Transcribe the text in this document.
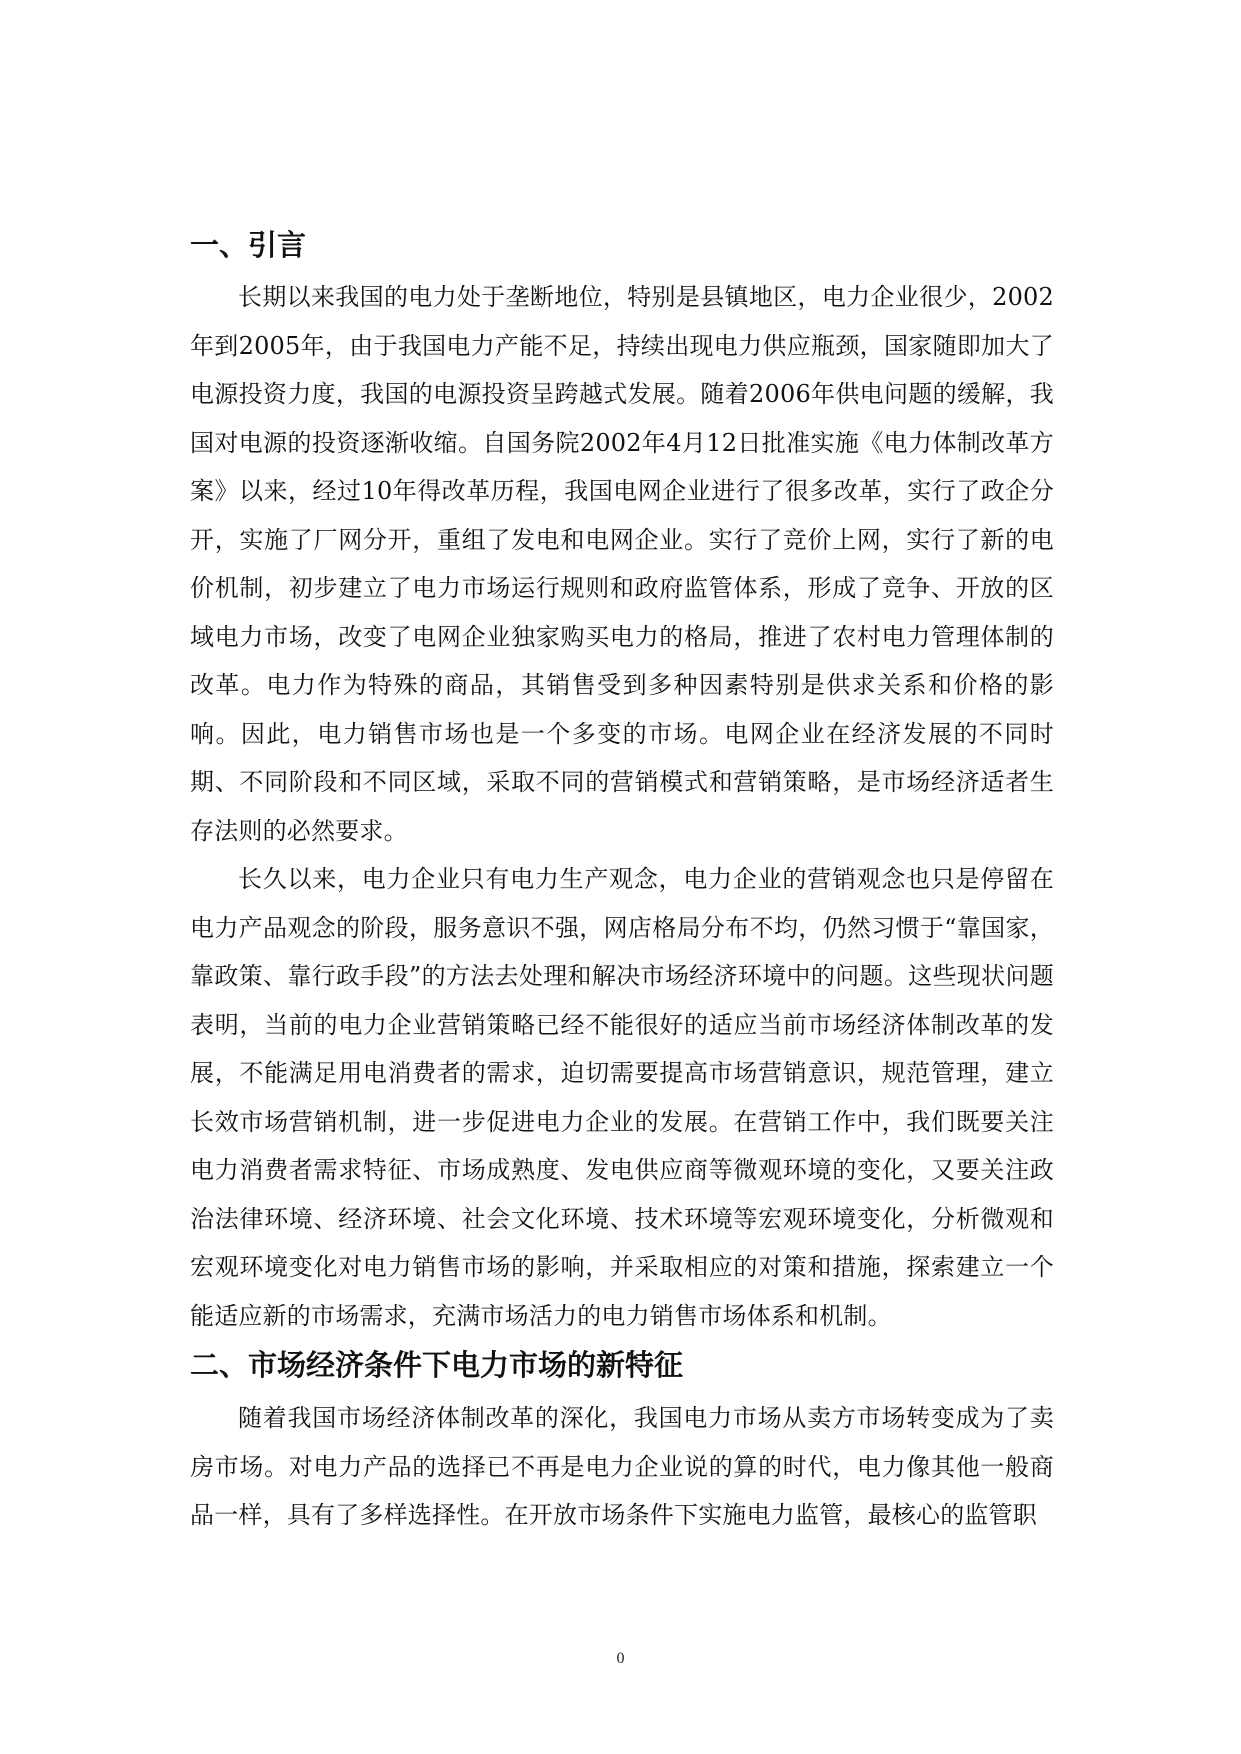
一、引言

长期以来我国的电力处于垄断地位，特别是县镇地区，电力企业很少，2002年到2005年，由于我国电力产能不足，持续出现电力供应瓶颈，国家随即加大了电源投资力度，我国的电源投资呈跨越式发展。随着2006年供电问题的缓解，我国对电源的投资逐渐收缩。自国务院2002年4月12日批准实施《电力体制改革方案》以来，经过10年得改革历程，我国电网企业进行了很多改革，实行了政企分开，实施了厂网分开，重组了发电和电网企业。实行了竞价上网，实行了新的电价机制，初步建立了电力市场运行规则和政府监管体系，形成了竞争、开放的区域电力市场，改变了电网企业独家购买电力的格局，推进了农村电力管理体制的改革。电力作为特殊的商品，其销售受到多种因素特别是供求关系和价格的影响。因此，电力销售市场也是一个多变的市场。电网企业在经济发展的不同时期、不同阶段和不同区域，采取不同的营销模式和营销策略，是市场经济适者生存法则的必然要求。

长久以来，电力企业只有电力生产观念，电力企业的营销观念也只是停留在电力产品观念的阶段，服务意识不强，网店格局分布不均，仍然习惯于“靠国家，靠政策、靠行政手段”的方法去处理和解决市场经济环境中的问题。这些现状问题表明，当前的电力企业营销策略已经不能很好的适应当前市场经济体制改革的发展，不能满足用电消费者的需求，迫切需要提高市场营销意识，规范管理，建立长效市场营销机制，进一步促进电力企业的发展。在营销工作中，我们既要关注电力消费者需求特征、市场成熟度、发电供应商等微观环境的变化，又要关注政治法律环境、经济环境、社会文化环境、技术环境等宏观环境变化，分析微观和宏观环境变化对电力销售市场的影响，并采取相应的对策和措施，探索建立一个能适应新的市场需求，充满市场活力的电力销售市场体系和机制。

二、市场经济条件下电力市场的新特征

随着我国市场经济体制改革的深化，我国电力市场从卖方市场转变成为了卖房市场。对电力产品的选择已不再是电力企业说的算的时代，电力像其他一般商品一样，具有了多样选择性。在开放市场条件下实施电力监管，最核心的监管职

0
